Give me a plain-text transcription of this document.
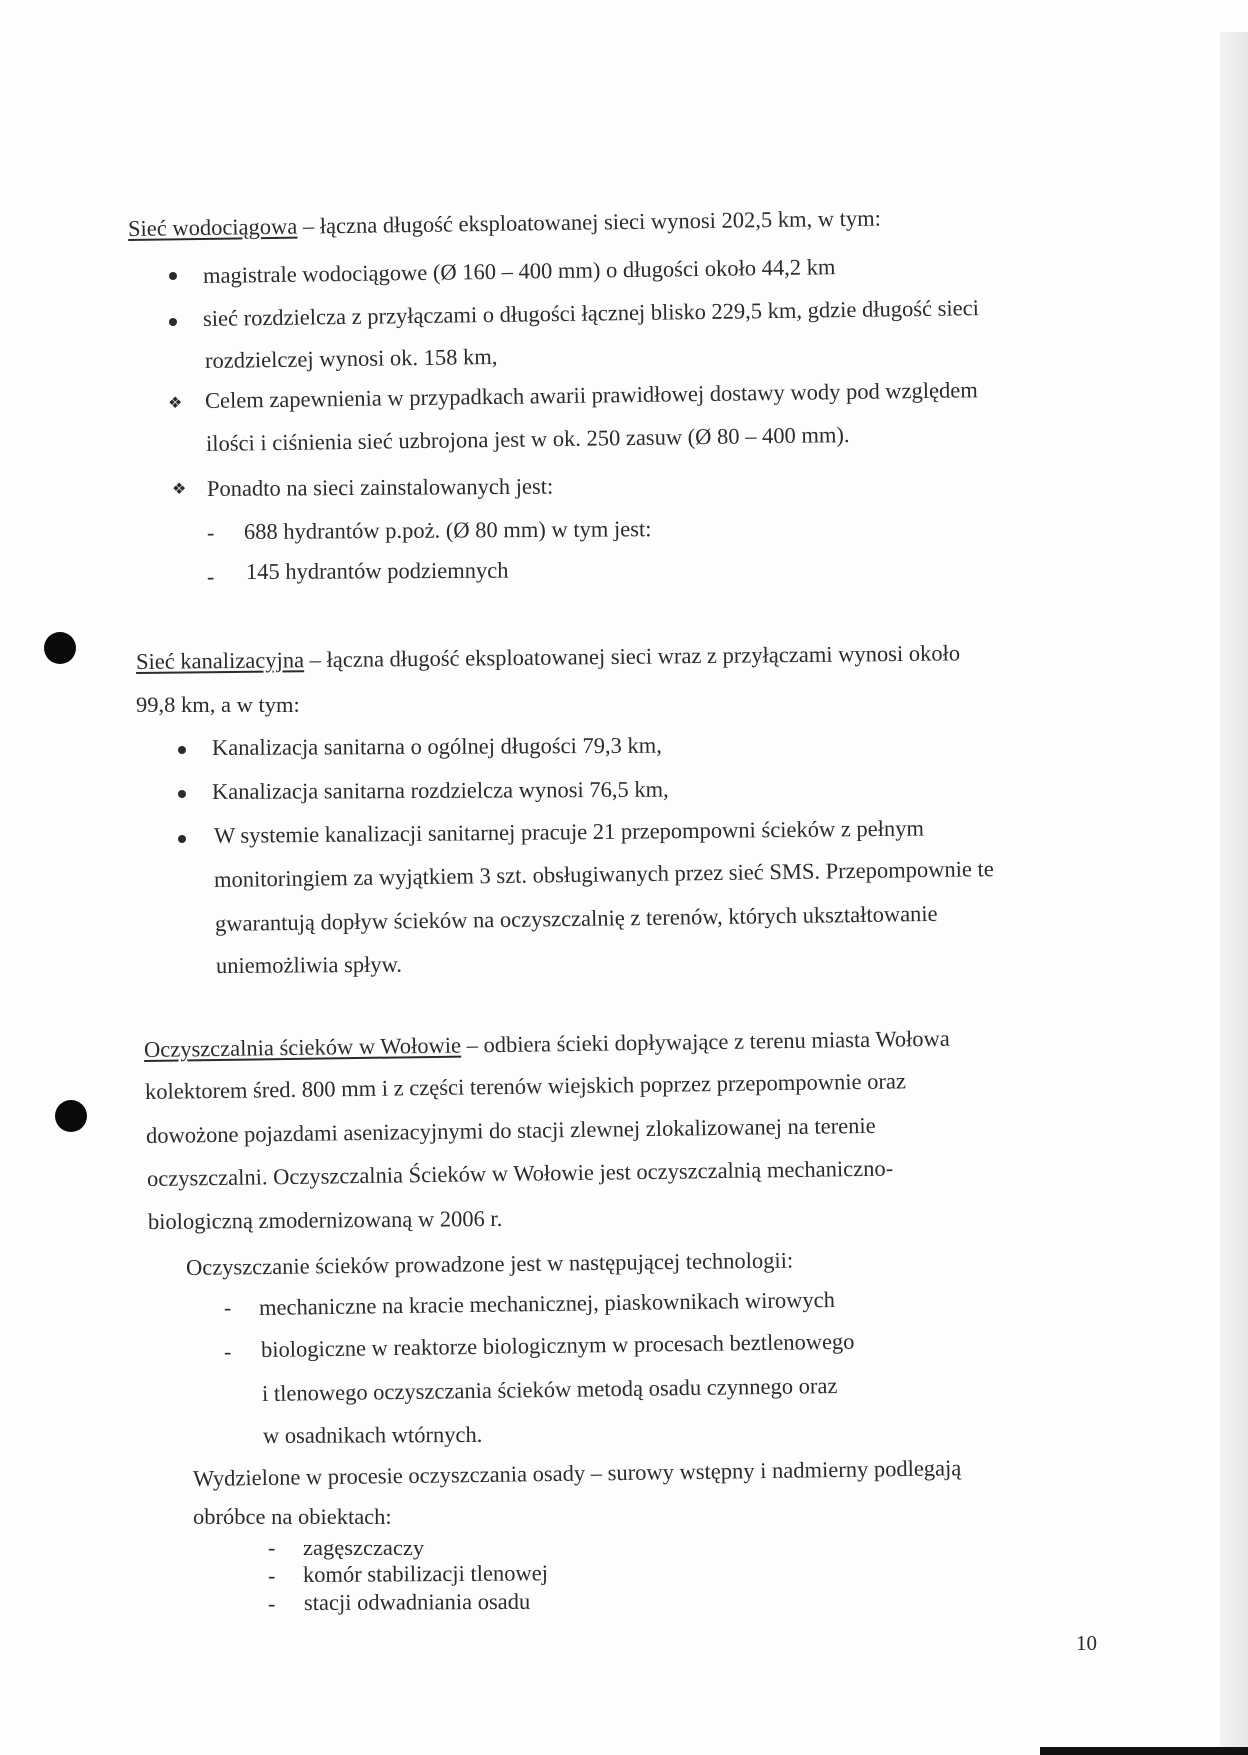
Sieć wodociągowa – łączna długość eksploatowanej sieci wynosi 202,5 km, w tym:
magistrale wodociągowe (Ø 160 – 400 mm) o długości około 44,2 km
sieć rozdzielcza z przyłączami o długości łącznej blisko 229,5 km, gdzie długość sieci
rozdzielczej wynosi ok. 158 km,
❖ Celem zapewnienia w przypadkach awarii prawidłowej dostawy wody pod względem
ilości i ciśnienia sieć uzbrojona jest w ok. 250 zasuw (Ø 80 – 400 mm).
❖ Ponadto na sieci zainstalowanych jest:
- 688 hydrantów p.poż. (Ø 80 mm) w tym jest:
- 145 hydrantów podziemnych
Sieć kanalizacyjna – łączna długość eksploatowanej sieci wraz z przyłączami wynosi około
99,8 km, a w tym:
Kanalizacja sanitarna o ogólnej długości 79,3 km,
Kanalizacja sanitarna rozdzielcza wynosi 76,5 km,
W systemie kanalizacji sanitarnej pracuje 21 przepompowni ścieków z pełnym
monitoringiem za wyjątkiem 3 szt. obsługiwanych przez sieć SMS. Przepompownie te
gwarantują dopływ ścieków na oczyszczalnię z terenów, których ukształtowanie
uniemożliwia spływ.
Oczyszczalnia ścieków w Wołowie – odbiera ścieki dopływające z terenu miasta Wołowa
kolektorem śred. 800 mm i z części terenów wiejskich poprzez przepompownie oraz
dowożone pojazdami asenizacyjnymi do stacji zlewnej zlokalizowanej na terenie
oczyszczalni. Oczyszczalnia Ścieków w Wołowie jest oczyszczalnią mechaniczno-
biologiczną zmodernizowaną w 2006 r.
Oczyszczanie ścieków prowadzone jest w następującej technologii:
- mechaniczne na kracie mechanicznej, piaskownikach wirowych
- biologiczne w reaktorze biologicznym w procesach beztlenowego
i tlenowego oczyszczania ścieków metodą osadu czynnego oraz
w osadnikach wtórnych.
Wydzielone w procesie oczyszczania osady – surowy wstępny i nadmierny podlegają
obróbce na obiektach:
- zagęszczaczy
- komór stabilizacji tlenowej
- stacji odwadniania osadu
10
